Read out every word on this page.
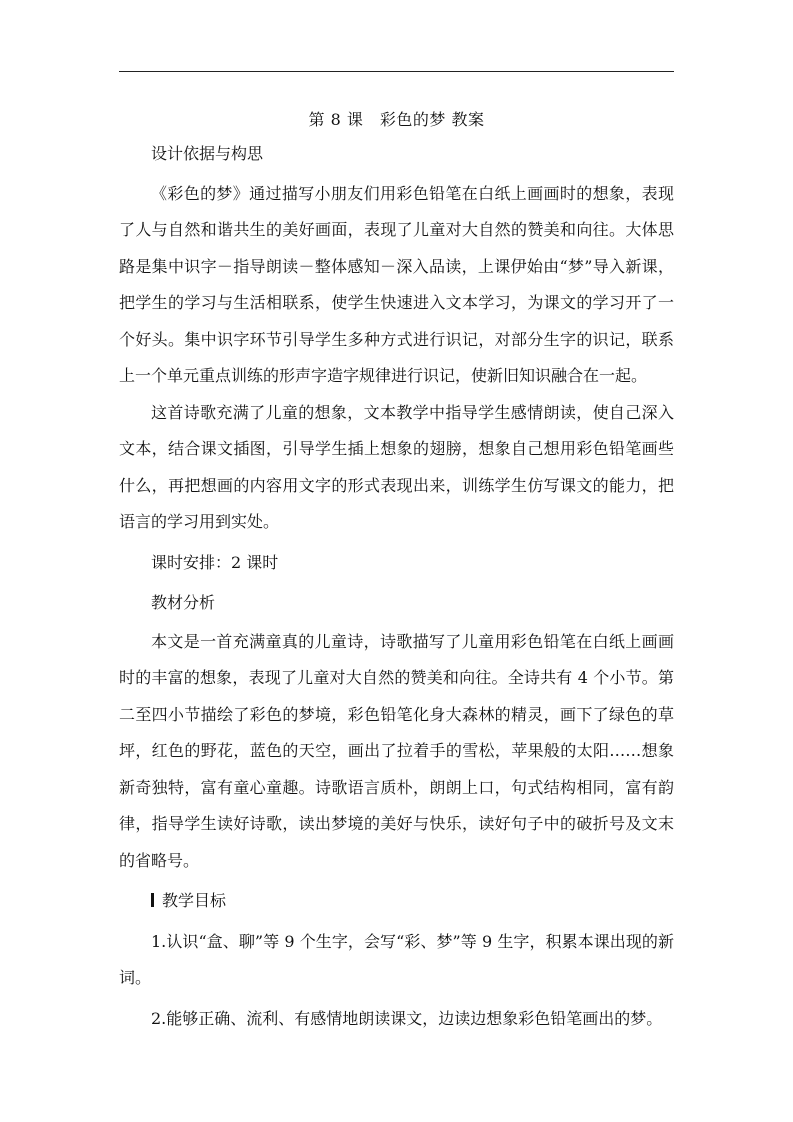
第 8 课　彩色的梦 教案

设计依据与构思

《彩色的梦》通过描写小朋友们用彩色铅笔在白纸上画画时的想象，表现了人与自然和谐共生的美好画面，表现了儿童对大自然的赞美和向往。大体思路是集中识字－指导朗读－整体感知－深入品读，上课伊始由“梦”导入新课，把学生的学习与生活相联系，使学生快速进入文本学习，为课文的学习开了一个好头。集中识字环节引导学生多种方式进行识记，对部分生字的识记，联系上一个单元重点训练的形声字造字规律进行识记，使新旧知识融合在一起。

这首诗歌充满了儿童的想象，文本教学中指导学生感情朗读，使自己深入文本，结合课文插图，引导学生插上想象的翅膀，想象自己想用彩色铅笔画些什么，再把想画的内容用文字的形式表现出来，训练学生仿写课文的能力，把语言的学习用到实处。

课时安排：2 课时

教材分析

本文是一首充满童真的儿童诗，诗歌描写了儿童用彩色铅笔在白纸上画画时的丰富的想象，表现了儿童对大自然的赞美和向往。全诗共有 4 个小节。第二至四小节描绘了彩色的梦境，彩色铅笔化身大森林的精灵，画下了绿色的草坪，红色的野花，蓝色的天空，画出了拉着手的雪松，苹果般的太阳……想象新奇独特，富有童心童趣。诗歌语言质朴，朗朗上口，句式结构相同，富有韵律，指导学生读好诗歌，读出梦境的美好与快乐，读好句子中的破折号及文末的省略号。

教学目标

1.认识“盒、聊”等 9 个生字，会写“彩、梦”等 9 生字，积累本课出现的新词。

2.能够正确、流利、有感情地朗读课文，边读边想象彩色铅笔画出的梦。
